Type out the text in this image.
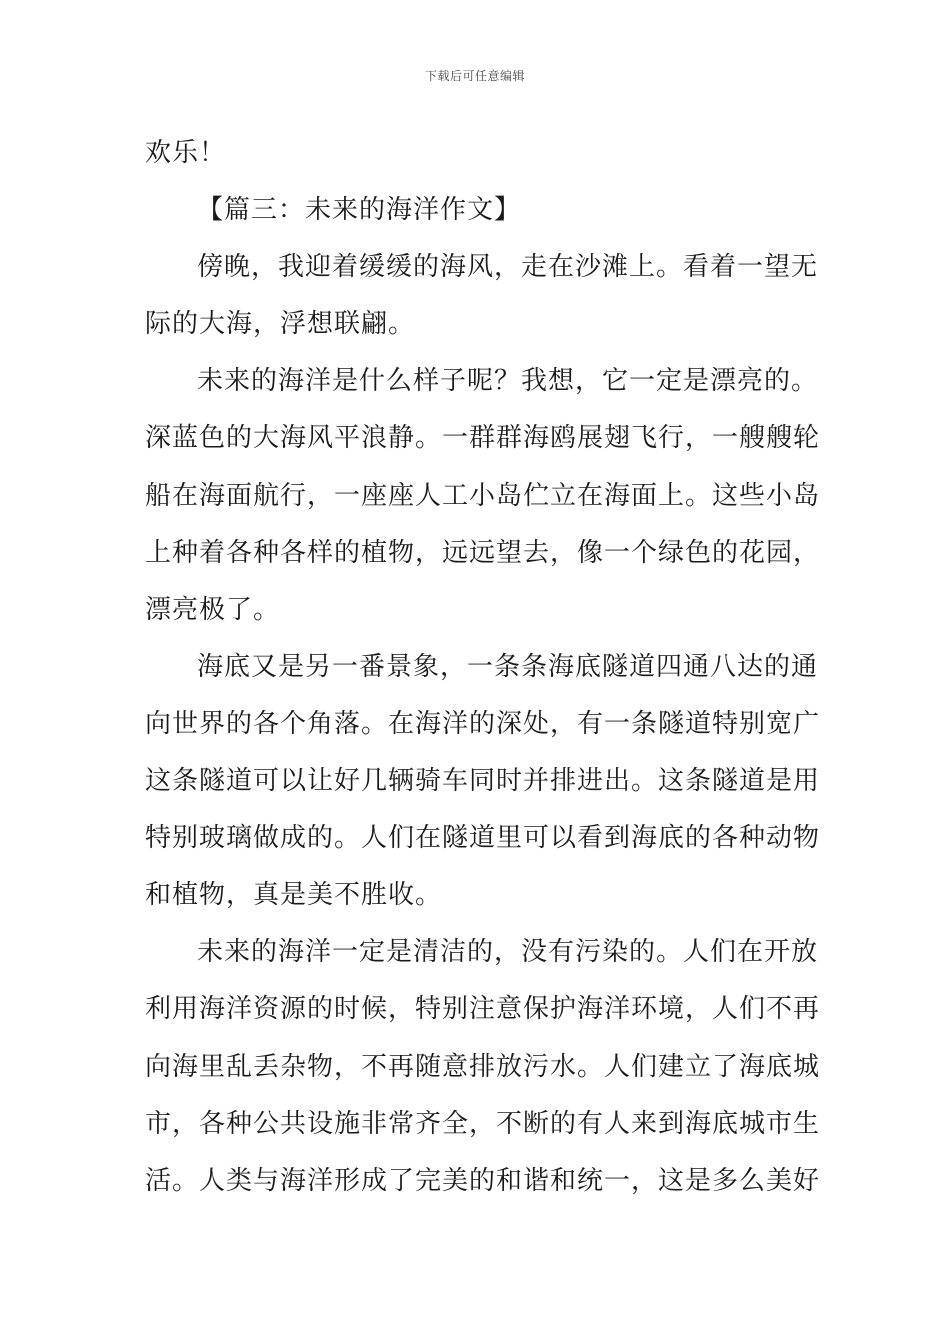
下载后可任意编辑
欢乐！
【篇三：未来的海洋作文】
傍晚，我迎着缓缓的海风，走在沙滩上。看着一望无
际的大海，浮想联翩。
未来的海洋是什么样子呢？我想，它一定是漂亮的。
深蓝色的大海风平浪静。一群群海鸥展翅飞行，一艘艘轮
船在海面航行，一座座人工小岛伫立在海面上。这些小岛
上种着各种各样的植物，远远望去，像一个绿色的花园，
漂亮极了。
海底又是另一番景象，一条条海底隧道四通八达的通
向世界的各个角落。在海洋的深处，有一条隧道特别宽广
这条隧道可以让好几辆骑车同时并排进出。这条隧道是用
特别玻璃做成的。人们在隧道里可以看到海底的各种动物
和植物，真是美不胜收。
未来的海洋一定是清洁的，没有污染的。人们在开放
利用海洋资源的时候，特别注意保护海洋环境，人们不再
向海里乱丢杂物，不再随意排放污水。人们建立了海底城
市，各种公共设施非常齐全，不断的有人来到海底城市生
活。人类与海洋形成了完美的和谐和统一，这是多么美好
